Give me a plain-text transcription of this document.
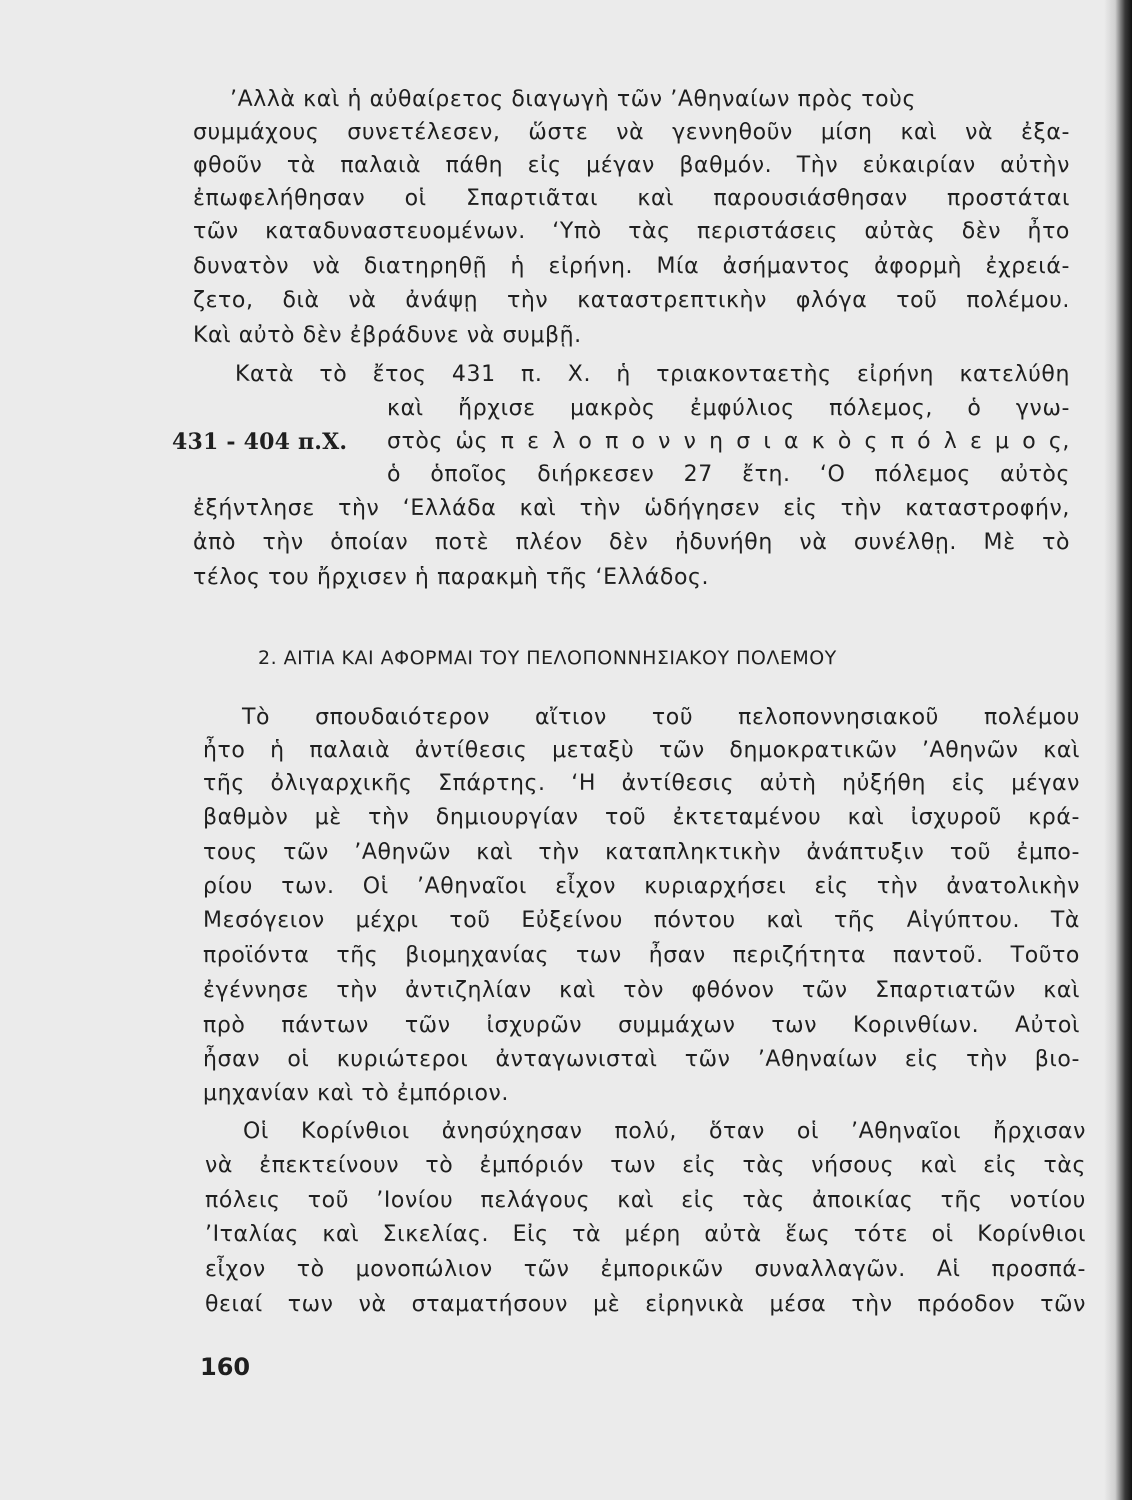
’Αλλὰ καὶ ἡ αὐθαίρετος διαγωγὴ τῶν ’Αθηναίων πρὸς τοὺς
συμμάχους συνετέλεσεν, ὥστε νὰ γεννηθοῦν μίση καὶ νὰ ἐξα-
φθοῦν τὰ παλαιὰ πάθη εἰς μέγαν βαθμόν. Τὴν εὐκαιρίαν αὐτὴν
ἐπωφελήθησαν οἱ Σπαρτιᾶται καὶ παρουσιάσθησαν προστάται
τῶν καταδυναστευομένων. ‘Υπὸ τὰς περιστάσεις αὐτὰς δὲν ἦτο
δυνατὸν νὰ διατηρηθῇ ἡ εἰρήνη. Μία ἀσήμαντος ἀφορμὴ ἐχρειά-
ζετο, διὰ νὰ ἀνάψῃ τὴν καταστρεπτικὴν φλόγα τοῦ πολέμου.
Καὶ αὐτὸ δὲν ἐβράδυνε νὰ συμβῇ.
Κατὰ τὸ ἔτος 431 π. Χ. ἡ τριακονταετὴς εἰρήνη κατελύθη
καὶ ἤρχισε μακρὸς ἐμφύλιος πόλεμος, ὁ γνω-
στὸς ὡς π ε λ ο π ο ν ν η σ ι α κ ὸ ς π ό λ ε μ ο ς,
ὁ ὁποῖος διήρκεσεν 27 ἔτη. ‘Ο πόλεμος αὐτὸς
ἐξήντλησε τὴν ‘Ελλάδα καὶ τὴν ὡδήγησεν εἰς τὴν καταστροφήν,
ἀπὸ τὴν ὁποίαν ποτὲ πλέον δὲν ἠδυνήθη νὰ συνέλθῃ. Μὲ τὸ
τέλος του ἤρχισεν ἡ παρακμὴ τῆς ‘Ελλάδος.
431 - 404 π.Χ.
2. ΑΙΤΙΑ ΚΑΙ ΑΦΟΡΜΑΙ ΤΟΥ ΠΕΛΟΠΟΝΝΗΣΙΑΚΟΥ ΠΟΛΕΜΟΥ
Τὸ σπουδαιότερον αἴτιον τοῦ πελοποννησιακοῦ πολέμου
ἦτο ἡ παλαιὰ ἀντίθεσις μεταξὺ τῶν δημοκρατικῶν ’Αθηνῶν καὶ
τῆς ὀλιγαρχικῆς Σπάρτης. ‘Η ἀντίθεσις αὐτὴ ηὐξήθη εἰς μέγαν
βαθμὸν μὲ τὴν δημιουργίαν τοῦ ἐκτεταμένου καὶ ἰσχυροῦ κρά-
τους τῶν ’Αθηνῶν καὶ τὴν καταπληκτικὴν ἀνάπτυξιν τοῦ ἐμπο-
ρίου των. Οἱ ’Αθηναῖοι εἶχον κυριαρχήσει εἰς τὴν ἀνατολικὴν
Μεσόγειον μέχρι τοῦ Εὐξείνου πόντου καὶ τῆς Αἰγύπτου. Τὰ
προϊόντα τῆς βιομηχανίας των ἦσαν περιζήτητα παντοῦ. Τοῦτο
ἐγέννησε τὴν ἀντιζηλίαν καὶ τὸν φθόνον τῶν Σπαρτιατῶν καὶ
πρὸ πάντων τῶν ἰσχυρῶν συμμάχων των Κορινθίων. Αὐτοὶ
ἦσαν οἱ κυριώτεροι ἀνταγωνισταὶ τῶν ’Αθηναίων εἰς τὴν βιο-
μηχανίαν καὶ τὸ ἐμπόριον.
Οἱ Κορίνθιοι ἀνησύχησαν πολύ, ὅταν οἱ ’Αθηναῖοι ἤρχισαν
νὰ ἐπεκτείνουν τὸ ἐμπόριόν των εἰς τὰς νήσους καὶ εἰς τὰς
πόλεις τοῦ ’Ιονίου πελάγους καὶ εἰς τὰς ἀποικίας τῆς νοτίου
’Ιταλίας καὶ Σικελίας. Εἰς τὰ μέρη αὐτὰ ἕως τότε οἱ Κορίνθιοι
εἶχον τὸ μονοπώλιον τῶν ἐμπορικῶν συναλλαγῶν. Αἱ προσπά-
θειαί των νὰ σταματήσουν μὲ εἰρηνικὰ μέσα τὴν πρόοδον τῶν
160
